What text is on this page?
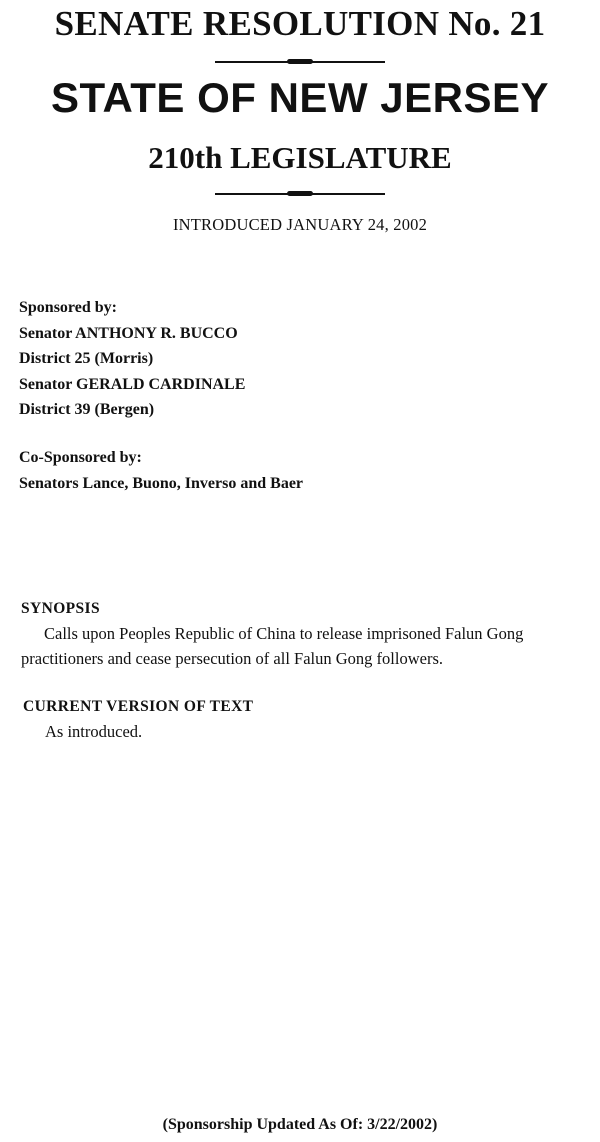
SENATE RESOLUTION No. 21
STATE OF NEW JERSEY
210th LEGISLATURE
INTRODUCED JANUARY 24, 2002
Sponsored by:
Senator ANTHONY R. BUCCO
District 25 (Morris)
Senator GERALD CARDINALE
District 39 (Bergen)
Co-Sponsored by:
Senators Lance, Buono, Inverso and Baer
SYNOPSIS
Calls upon Peoples Republic of China to release imprisoned Falun Gong practitioners and cease persecution of all Falun Gong followers.
CURRENT VERSION OF TEXT
As introduced.
(Sponsorship Updated As Of: 3/22/2002)
